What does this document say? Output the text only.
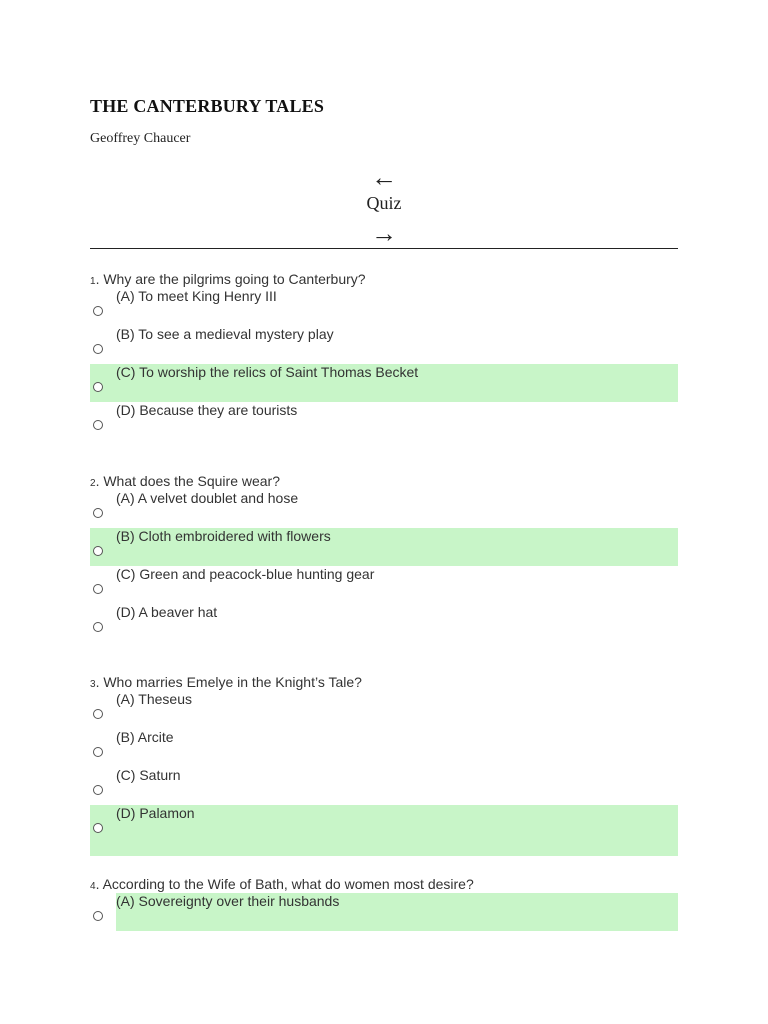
THE CANTERBURY TALES
Geoffrey Chaucer
←
Quiz
→
1. Why are the pilgrims going to Canterbury?
(A) To meet King Henry III
(B) To see a medieval mystery play
(C) To worship the relics of Saint Thomas Becket
(D) Because they are tourists
2. What does the Squire wear?
(A) A velvet doublet and hose
(B) Cloth embroidered with flowers
(C) Green and peacock-blue hunting gear
(D) A beaver hat
3. Who marries Emelye in the Knight’s Tale?
(A) Theseus
(B) Arcite
(C) Saturn
(D) Palamon
4. According to the Wife of Bath, what do women most desire?
(A) Sovereignty over their husbands
